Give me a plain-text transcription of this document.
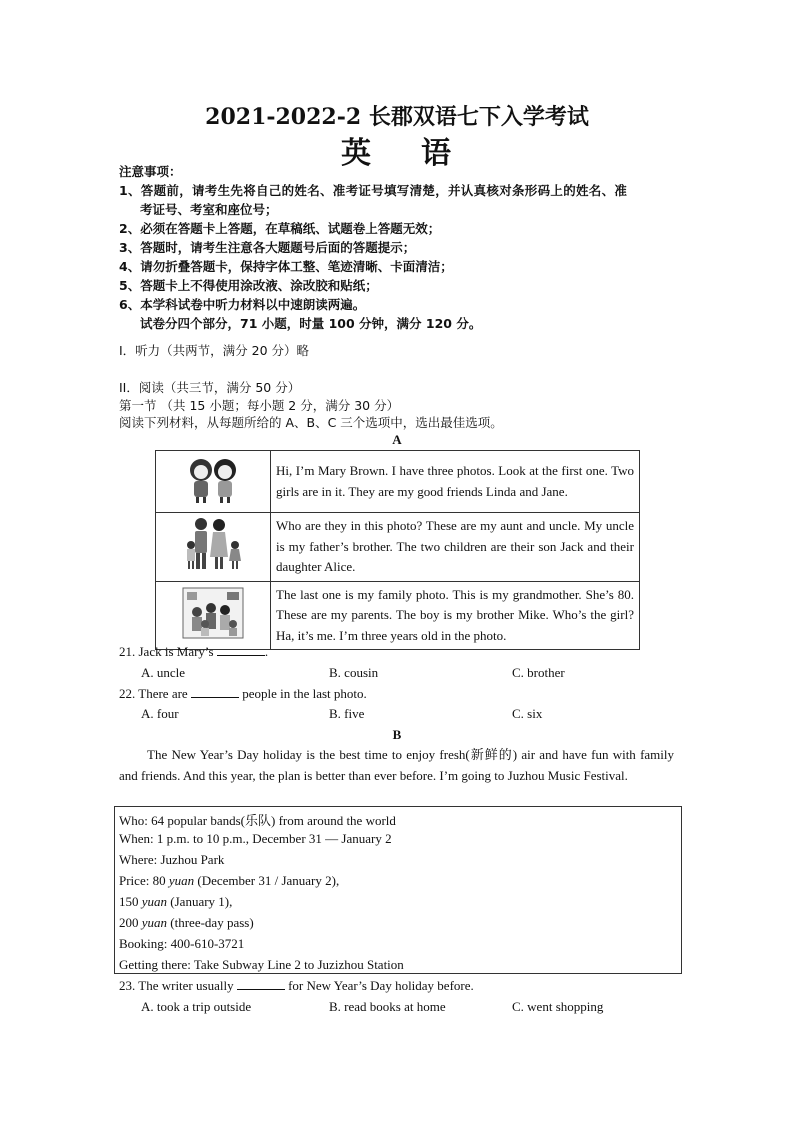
2021-2022-2 长郡双语七下入学考试
英 语
注意事项：
1、答题前，请考生先将自己的姓名、准考证号填写清楚，并认真核对条形码上的姓名、准
考证号、考室和座位号；
2、必须在答题卡上答题，在草稿纸、试题卷上答题无效；
3、答题时，请考生注意各大题题号后面的答题提示；
4、请勿折叠答题卡，保持字体工整、笔迹清晰、卡面清洁；
5、答题卡上不得使用涂改液、涂改胶和贴纸；
6、本学科试卷中听力材料以中速朗读两遍。
试卷分四个部分，71 小题，时量 100 分钟，满分 120 分。
I．听力（共两节，满分 20 分）略
II．阅读（共三节，满分 50 分）
第一节 （共 15 小题；每小题 2 分，满分 30 分）
阅读下列材料，从每题所给的 A、B、C 三个选项中，选出最佳选项。
A
	Hi, I’m Mary Brown. I have three photos. Look at the first one. Two girls are in it. They are my good friends Linda and Jane.
	Who are they in this photo? These are my aunt and uncle. My uncle is my father’s brother. The two children are their son Jack and their daughter Alice.
	The last one is my family photo. This is my grandmother. She’s 80. These are my parents. The boy is my brother Mike. Who’s the girl? Ha, it’s me. I’m three years old in the photo.
21. Jack is Mary’s	.
A. uncle	B. cousin	C. brother
22. There are	people in the last photo.
A. four	B. five	C. six
B
The New Year’s Day holiday is the best time to enjoy fresh(新鲜的) air and have fun with family and friends. And this year, the plan is better than ever before. I’m going to Juzhou Music Festival.
Who: 64 popular bands(乐队) from around the world
When: 1 p.m. to 10 p.m., December 31 — January 2
Where: Juzhou Park
Price: 80 yuan (December 31 / January 2),
150 yuan (January 1),
200 yuan (three-day pass)
Booking: 400-610-3721
Getting there: Take Subway Line 2 to Juzizhou Station
23. The writer usually	for New Year’s Day holiday before.
A. took a trip outside	B. read books at home	C. went shopping
